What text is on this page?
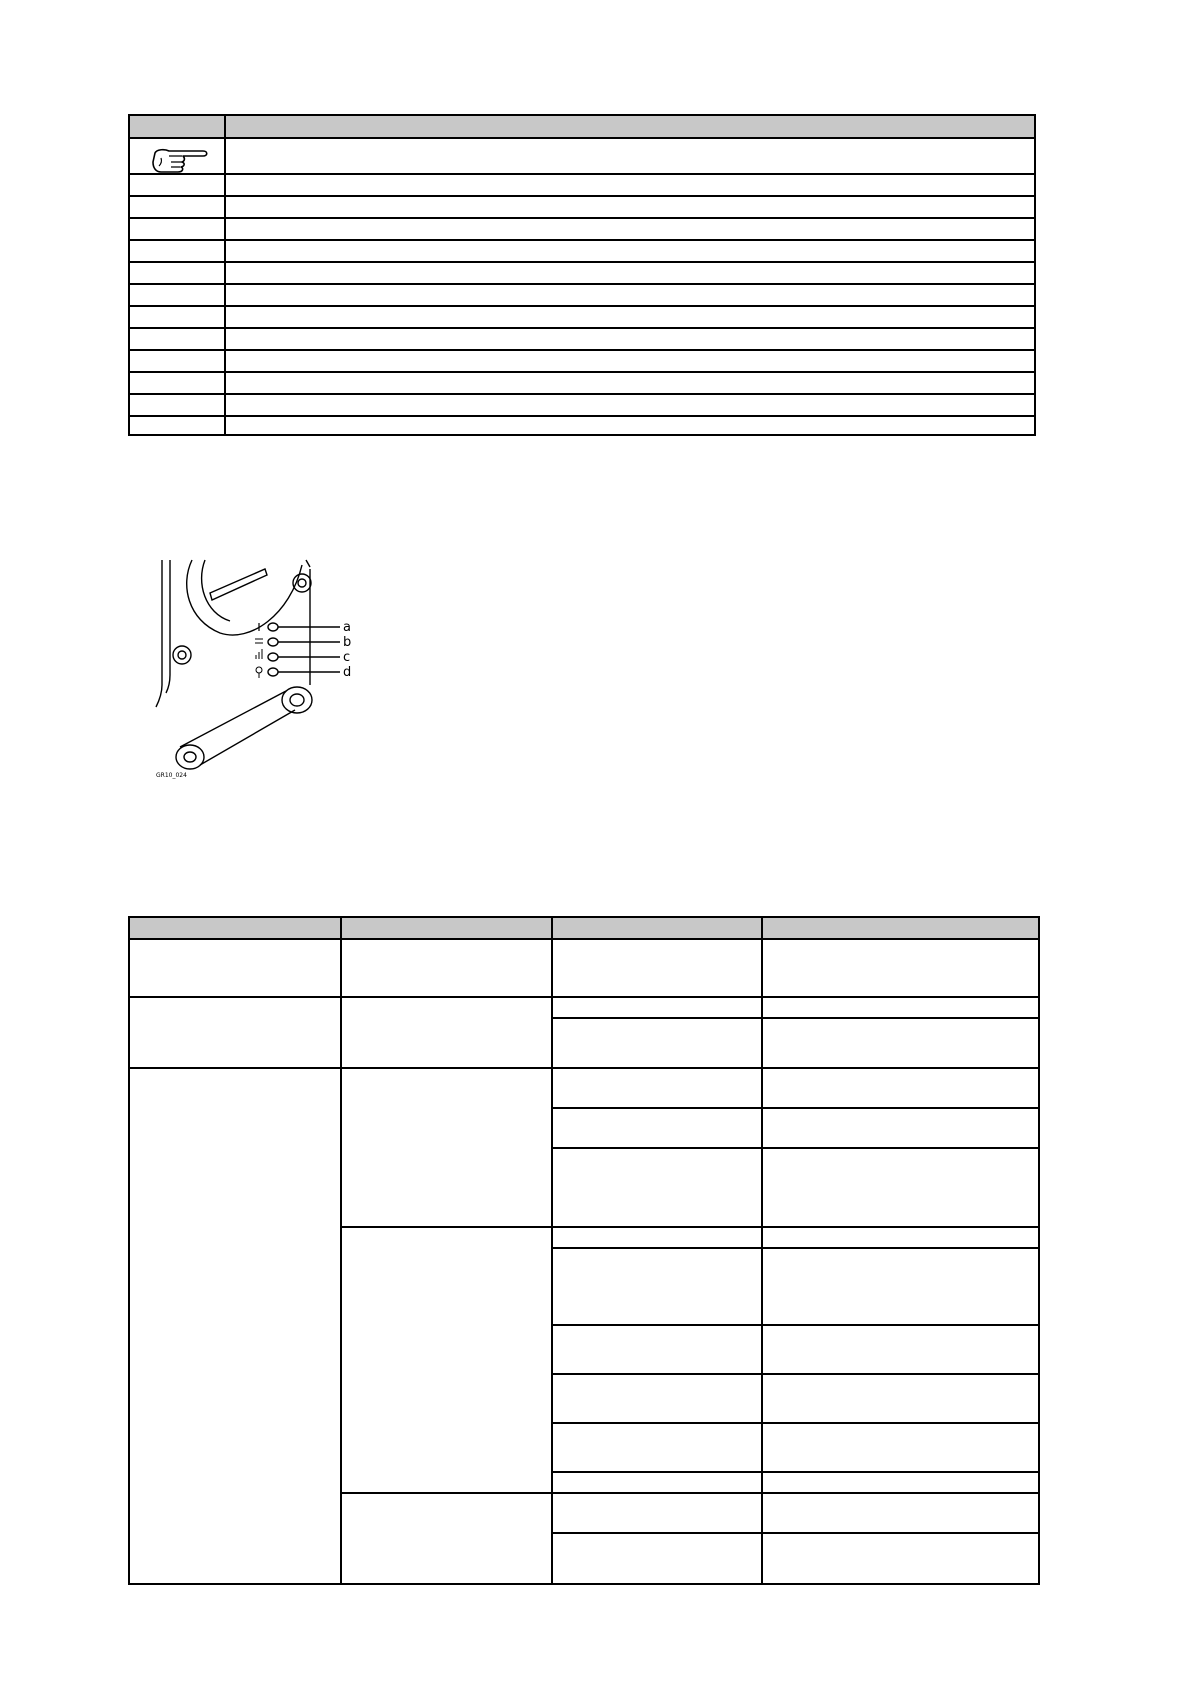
a
b
c
d
GR10_024
